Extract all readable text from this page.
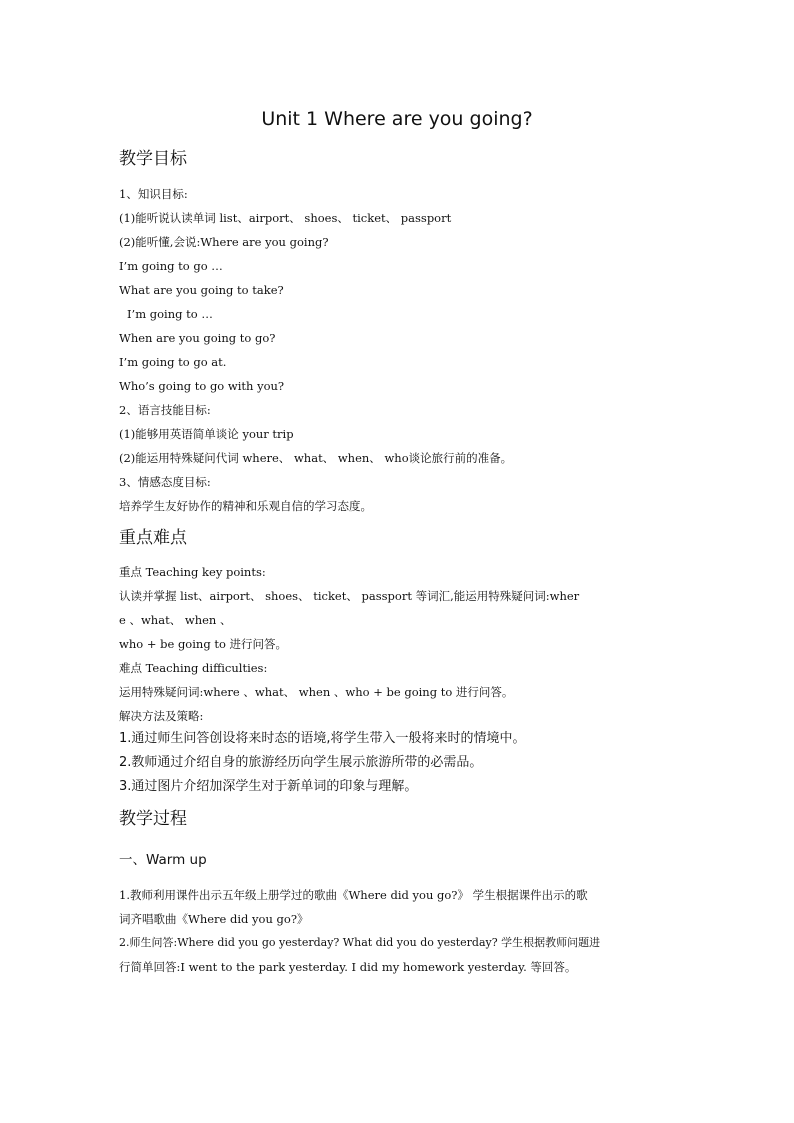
Unit 1 Where are you going?
教学目标
1、知识目标:
(1)能听说认读单词 list、airport、 shoes、 ticket、 passport
(2)能听懂,会说:Where are you going?
I’m going to go …
What are you going to take?
I’m going to …
When are you going to go?
I’m going to go at.
Who’s going to go with you?
2、语言技能目标:
(1)能够用英语简单谈论 your trip
(2)能运用特殊疑问代词 where、 what、 when、 who谈论旅行前的准备。
3、情感态度目标:
培养学生友好协作的精神和乐观自信的学习态度。
重点难点
重点 Teaching key points:
认读并掌握 list、airport、 shoes、 ticket、 passport 等词汇,能运用特殊疑问词:wher
e 、what、 when 、
who + be going to 进行问答。
难点 Teaching difficulties:
运用特殊疑问词:where 、what、 when 、who + be going to 进行问答。
解决方法及策略:
1.通过师生问答创设将来时态的语境,将学生带入一般将来时的情境中。
2.教师通过介绍自身的旅游经历向学生展示旅游所带的必需品。
3.通过图片介绍加深学生对于新单词的印象与理解。
教学过程
一、Warm up
1.教师利用课件出示五年级上册学过的歌曲《Where did you go?》 学生根据课件出示的歌
词齐唱歌曲《Where did you go?》
2.师生问答:Where did you go yesterday? What did you do yesterday? 学生根据教师问题进
行简单回答:I went to the park yesterday. I did my homework yesterday. 等回答。
